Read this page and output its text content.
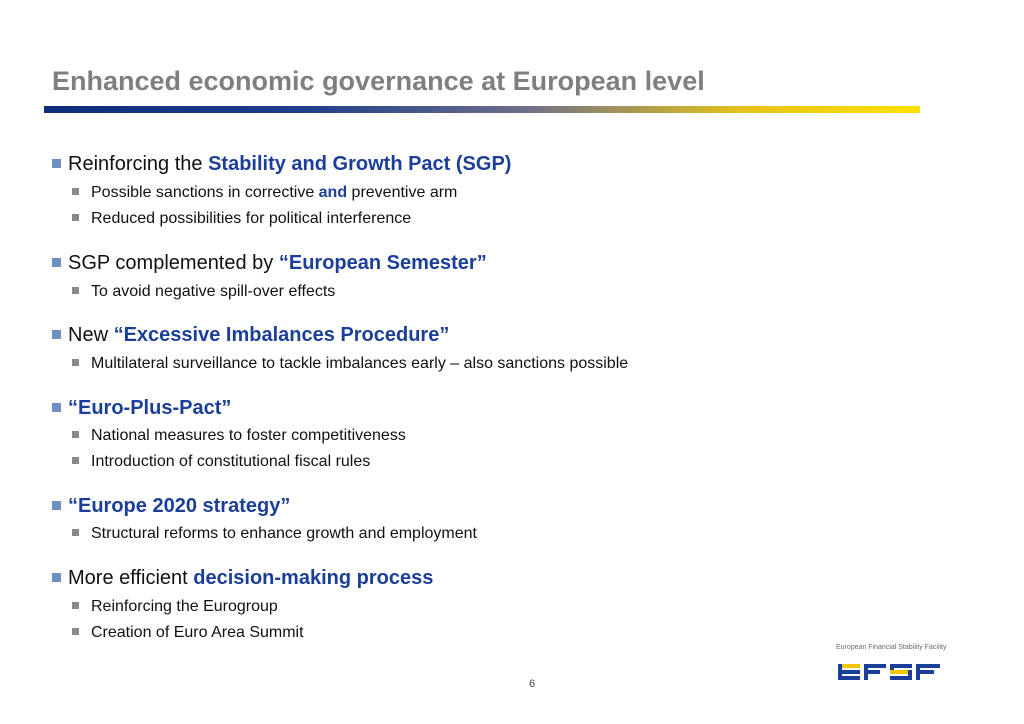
Enhanced economic governance at European level
Reinforcing the Stability and Growth Pact (SGP)
Possible sanctions in corrective and preventive arm
Reduced possibilities for political interference
SGP complemented by “European Semester”
To avoid negative spill-over effects
New “Excessive Imbalances Procedure”
Multilateral surveillance to tackle imbalances early – also sanctions possible
“Euro-Plus-Pact”
National measures to foster competitiveness
Introduction of constitutional fiscal rules
“Europe 2020 strategy”
Structural reforms to enhance growth and employment
More efficient decision-making process
Reinforcing the Eurogroup
Creation of Euro Area Summit
6
European Financial Stability Facility
